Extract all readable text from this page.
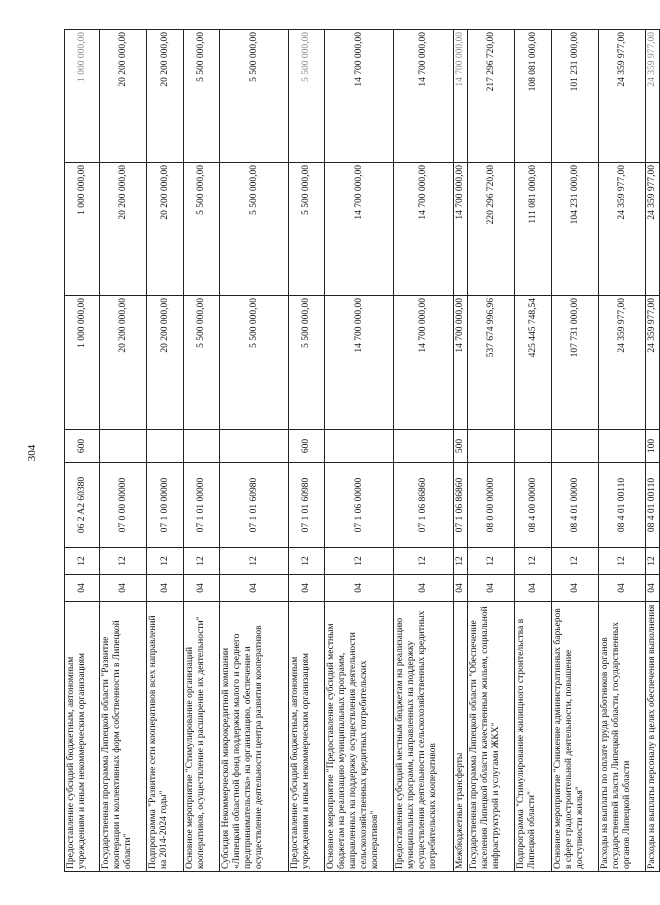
304
Предоставление субсидий бюджетным, автономным учреждениям и иным некоммерческим организациям	04	12	06 2 A2 60380	600	1 000 000,00	1 000 000,00	1 000 000,00
Государственная программа Липецкой области "Развитие кооперации и коллективных форм собственности в Липецкой области"	04	12	07 0 00 00000		20 200 000,00	20 200 000,00	20 200 000,00
Подпрограмма "Развитие сети кооперативов всех направлений на 2014-2024 годы"	04	12	07 1 00 00000		20 200 000,00	20 200 000,00	20 200 000,00
Основное мероприятие "Стимулирование организаций кооперативов, осуществление и расширение их деятельности"	04	12	07 1 01 00000		5 500 000,00	5 500 000,00	5 500 000,00
Субсидия Некоммерческой микрокредитной компании «Липецкий областной фонд поддержки малого и среднего предпринимательства» на организацию, обеспечение и осуществление деятельности центра развития кооперативов	04	12	07 1 01 60980		5 500 000,00	5 500 000,00	5 500 000,00
Предоставление субсидий бюджетным, автономным учреждениям и иным некоммерческим организациям	04	12	07 1 01 60980	600	5 500 000,00	5 500 000,00	5 500 000,00
Основное мероприятие "Предоставление субсидий местным бюджетам на реализацию муниципальных программ, направленных на поддержку осуществления деятельности сельскохозяйственных кредитных потребительских кооперативов"	04	12	07 1 06 00000		14 700 000,00	14 700 000,00	14 700 000,00
Предоставление субсидий местным бюджетам на реализацию муниципальных программ, направленных на поддержку осуществления деятельности сельскохозяйственных кредитных потребительских кооперативов	04	12	07 1 06 86860		14 700 000,00	14 700 000,00	14 700 000,00
Межбюджетные трансферты	04	12	07 1 06 86860	500	14 700 000,00	14 700 000,00	14 700 000,00
Государственная программа Липецкой области "Обеспечение населения Липецкой области качественным жильем, социальной инфраструктурой и услугами ЖКХ"	04	12	08 0 00 00000		537 674 996,96	220 296 720,00	217 296 720,00
Подпрограмма "Стимулирование жилищного строительства в Липецкой области"	04	12	08 4 00 00000		425 445 748,54	111 081 000,00	108 081 000,00
Основное мероприятие "Снижение административных барьеров в сфере градостроительной деятельности, повышение доступности жилья"	04	12	08 4 01 00000		107 731 000,00	104 231 000,00	101 231 000,00
Расходы на выплаты по оплате труда работников органов государственной власти Липецкой области, государственных органов Липецкой области	04	12	08 4 01 00110		24 359 977,00	24 359 977,00	24 359 977,00
Расходы на выплаты персоналу в целях обеспечения выполнения	04	12	08 4 01 00110	100	24 359 977,00	24 359 977,00	24 359 977,00
